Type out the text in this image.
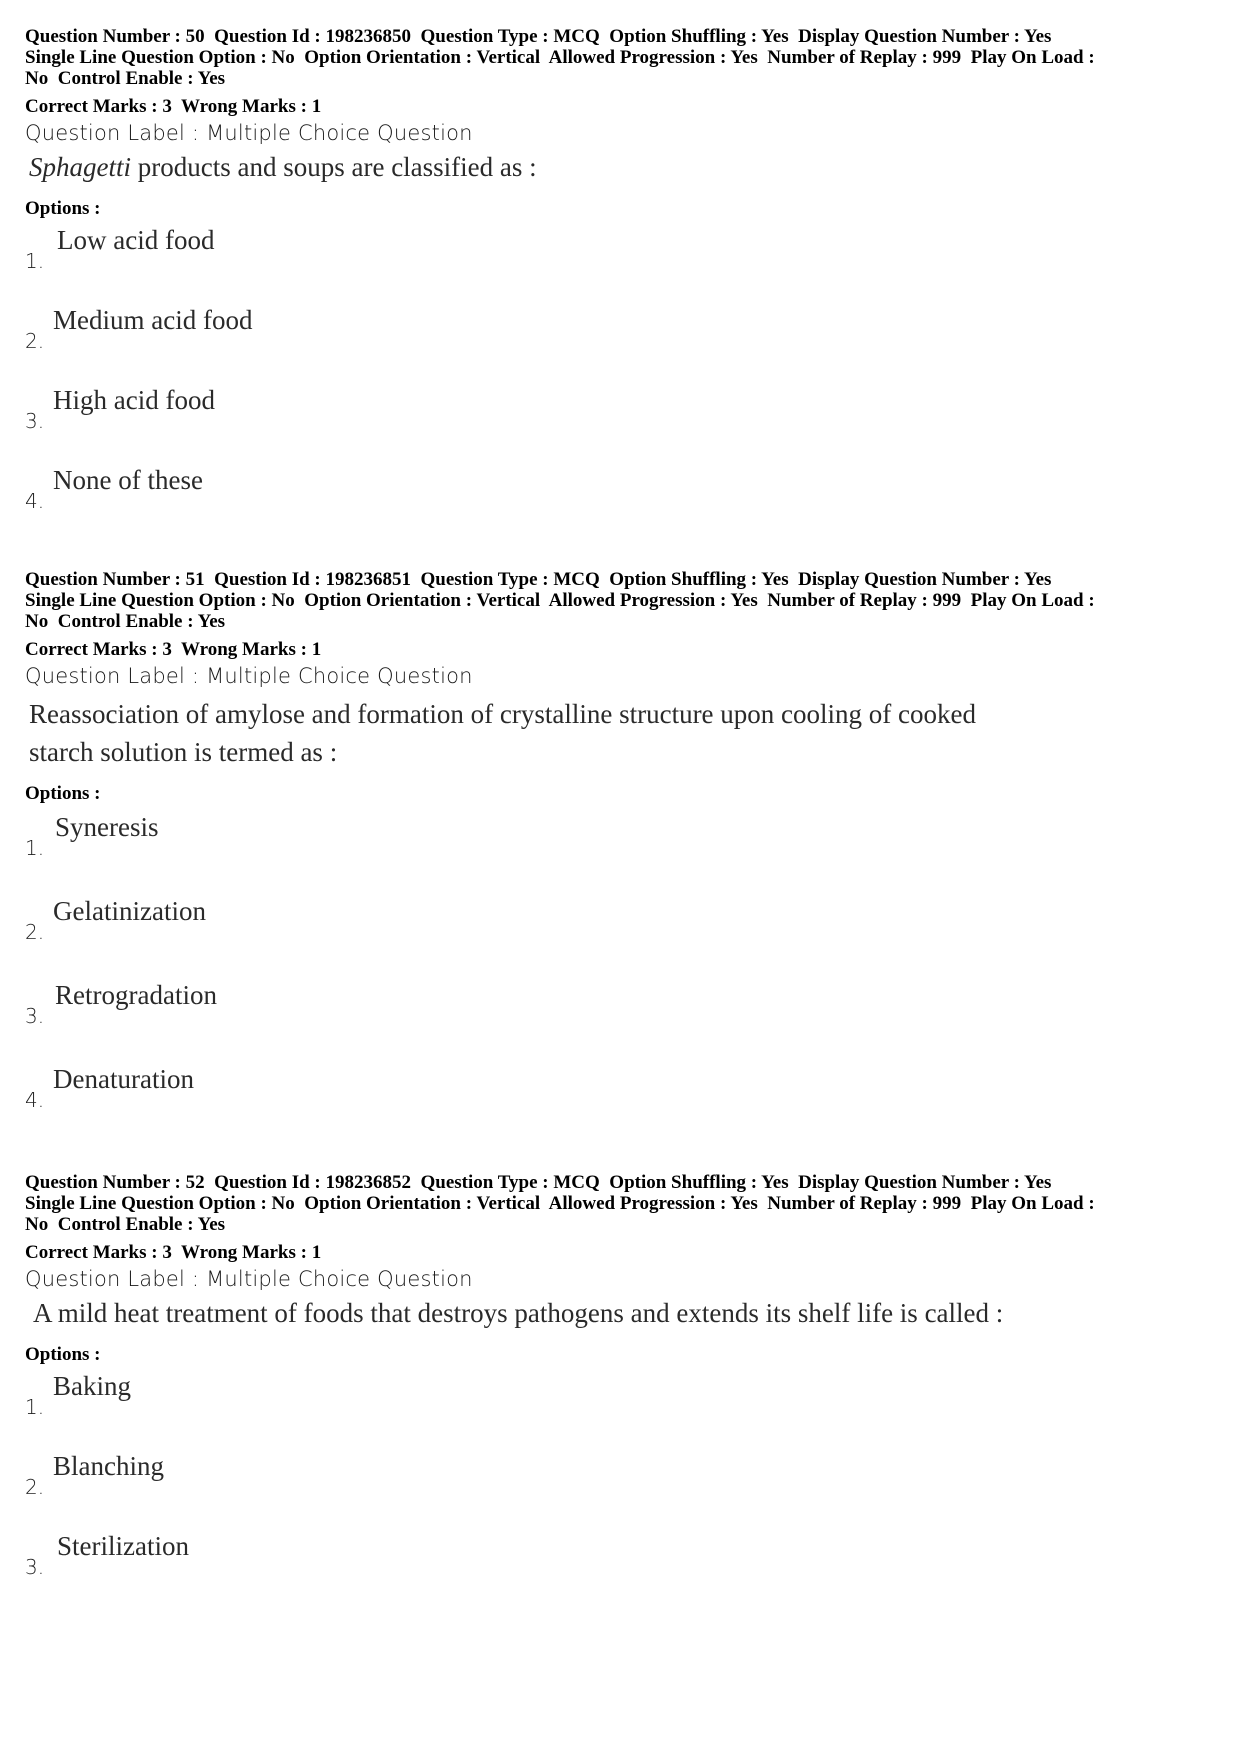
Question Number : 50  Question Id : 198236850  Question Type : MCQ  Option Shuffling : Yes  Display Question Number : Yes
Single Line Question Option : No  Option Orientation : Vertical  Allowed Progression : Yes  Number of Replay : 999  Play On Load :
No  Control Enable : Yes
Correct Marks : 3  Wrong Marks : 1
Question Label : Multiple Choice Question
Sphagetti products and soups are classified as :
Options :
1.
Low acid food
2.
Medium acid food
3.
High acid food
4.
None of these
Question Number : 51  Question Id : 198236851  Question Type : MCQ  Option Shuffling : Yes  Display Question Number : Yes
Single Line Question Option : No  Option Orientation : Vertical  Allowed Progression : Yes  Number of Replay : 999  Play On Load :
No  Control Enable : Yes
Correct Marks : 3  Wrong Marks : 1
Question Label : Multiple Choice Question
Reassociation of amylose and formation of crystalline structure upon cooling of cooked
starch solution is termed as :
Options :
1.
Syneresis
2.
Gelatinization
3.
Retrogradation
4.
Denaturation
Question Number : 52  Question Id : 198236852  Question Type : MCQ  Option Shuffling : Yes  Display Question Number : Yes
Single Line Question Option : No  Option Orientation : Vertical  Allowed Progression : Yes  Number of Replay : 999  Play On Load :
No  Control Enable : Yes
Correct Marks : 3  Wrong Marks : 1
Question Label : Multiple Choice Question
A mild heat treatment of foods that destroys pathogens and extends its shelf life is called :
Options :
1.
Baking
2.
Blanching
3.
Sterilization
